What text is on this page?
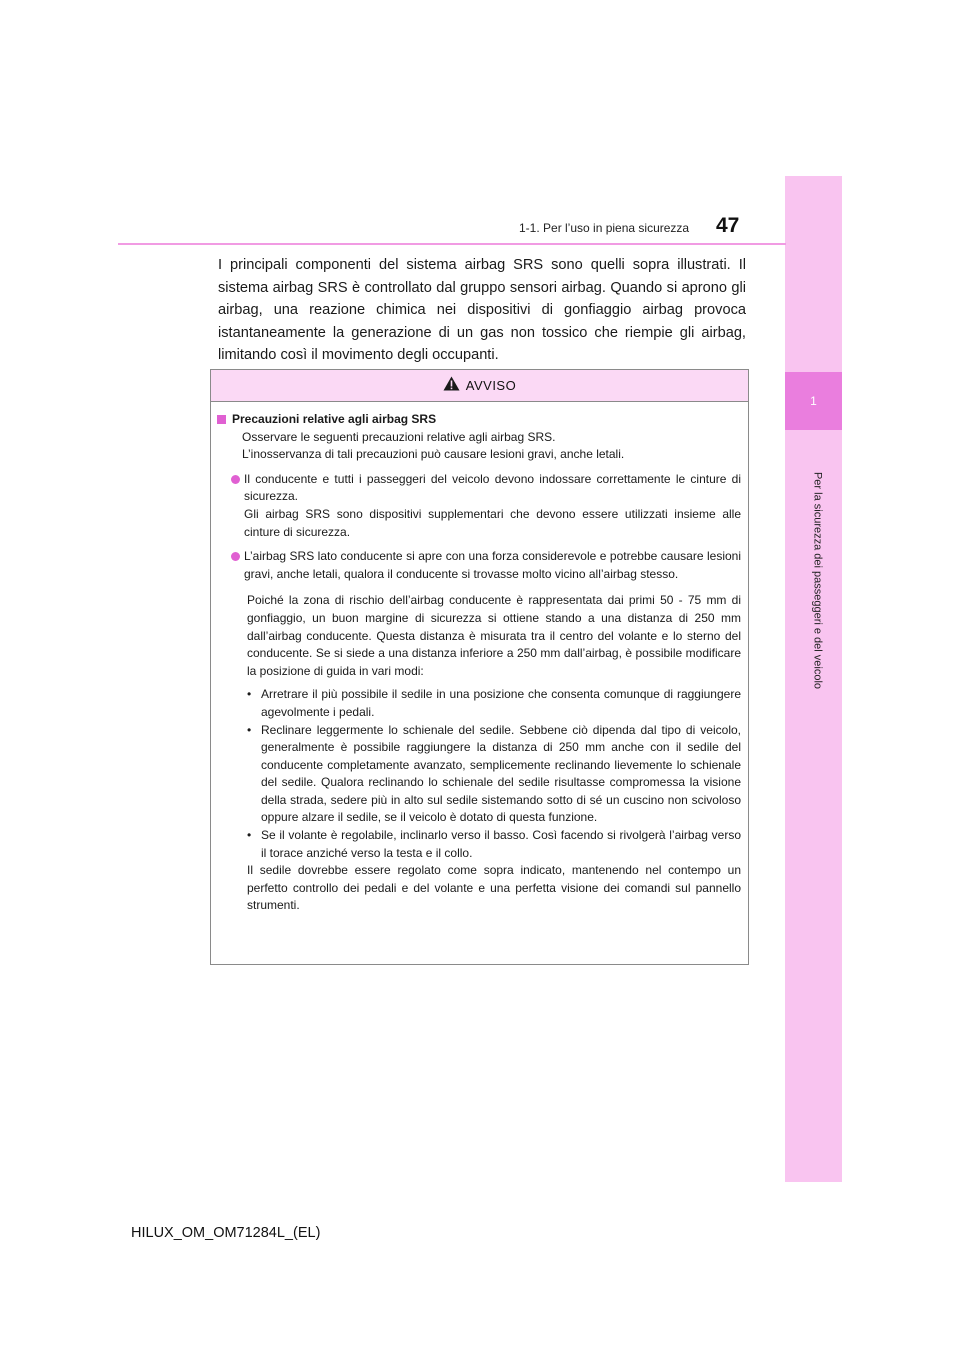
1
Per la sicurezza dei passeggeri e del veicolo
1-1. Per l’uso in piena sicurezza 47
I principali componenti del sistema airbag SRS sono quelli sopra illustrati. Il sistema airbag SRS è controllato dal gruppo sensori airbag. Quando si aprono gli airbag, una reazione chimica nei dispositivi di gonfiaggio airbag provoca istantaneamente la generazione di un gas non tossico che riempie gli airbag, limitando così il movimento degli occupanti.
AVVISO
Precauzioni relative agli airbag SRS

Osservare le seguenti precauzioni relative agli airbag SRS.

L’inosservanza di tali precauzioni può causare lesioni gravi, anche letali.

Il conducente e tutti i passeggeri del veicolo devono indossare correttamente le cinture di sicurezza.
Gli airbag SRS sono dispositivi supplementari che devono essere utilizzati insieme alle cinture di sicurezza.
L’airbag SRS lato conducente si apre con una forza considerevole e potrebbe causare lesioni gravi, anche letali, qualora il conducente si trovasse molto vicino all’airbag stesso.

Poiché la zona di rischio dell’airbag conducente è rappresentata dai primi 50 - 75 mm di gonfiaggio, un buon margine di sicurezza si ottiene stando a una distanza di 250 mm dall’airbag conducente. Questa distanza è misurata tra il centro del volante e lo sterno del conducente. Se si siede a una distanza inferiore a 250 mm dall’airbag, è possibile modificare la posizione di guida in vari modi:

• Arretrare il più possibile il sedile in una posizione che consenta comunque di raggiungere agevolmente i pedali.
• Reclinare leggermente lo schienale del sedile. Sebbene ciò dipenda dal tipo di veicolo, generalmente è possibile raggiungere la distanza di 250 mm anche con il sedile del conducente completamente avanzato, semplicemente reclinando lievemente lo schienale del sedile. Qualora reclinando lo schienale del sedile risultasse compromessa la visione della strada, sedere più in alto sul sedile sistemando sotto di sé un cuscino non scivoloso oppure alzare il sedile, se il veicolo è dotato di questa funzione.
• Se il volante è regolabile, inclinarlo verso il basso. Così facendo si rivolgerà l’airbag verso il torace anziché verso la testa e il collo.

Il sedile dovrebbe essere regolato come sopra indicato, mantenendo nel contempo un perfetto controllo dei pedali e del volante e una perfetta visione dei comandi sul pannello strumenti.

HILUX_OM_OM71284L_(EL)
